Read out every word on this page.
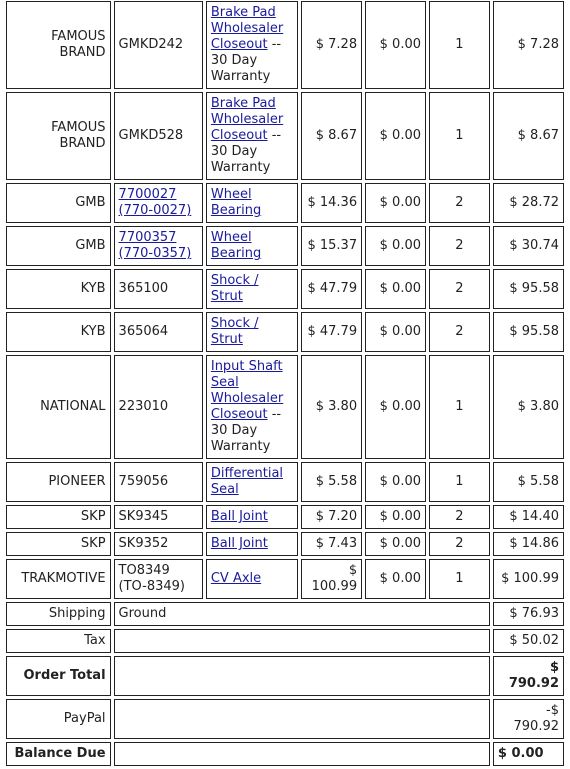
FAMOUS BRAND	GMKD242	Brake Pad Wholesaler Closeout -- 30 Day Warranty	$ 7.28	$ 0.00	1	$ 7.28
FAMOUS BRAND	GMKD528	Brake Pad Wholesaler Closeout -- 30 Day Warranty	$ 8.67	$ 0.00	1	$ 8.67
GMB	7700027 (770-0027)	Wheel Bearing	$ 14.36	$ 0.00	2	$ 28.72
GMB	7700357 (770-0357)	Wheel Bearing	$ 15.37	$ 0.00	2	$ 30.74
KYB	365100	Shock / Strut	$ 47.79	$ 0.00	2	$ 95.58
KYB	365064	Shock / Strut	$ 47.79	$ 0.00	2	$ 95.58
NATIONAL	223010	Input Shaft Seal Wholesaler Closeout -- 30 Day Warranty	$ 3.80	$ 0.00	1	$ 3.80
PIONEER	759056	Differential Seal	$ 5.58	$ 0.00	1	$ 5.58
SKP	SK9345	Ball Joint	$ 7.20	$ 0.00	2	$ 14.40
SKP	SK9352	Ball Joint	$ 7.43	$ 0.00	2	$ 14.86
TRAKMOTIVE	TO8349 (TO-8349)	CV Axle	$ 100.99	$ 0.00	1	$ 100.99
Shipping	Ground					$ 76.93
Tax						$ 50.02
Order Total						$ 790.92
PayPal						-$ 790.92
Balance Due						$ 0.00
